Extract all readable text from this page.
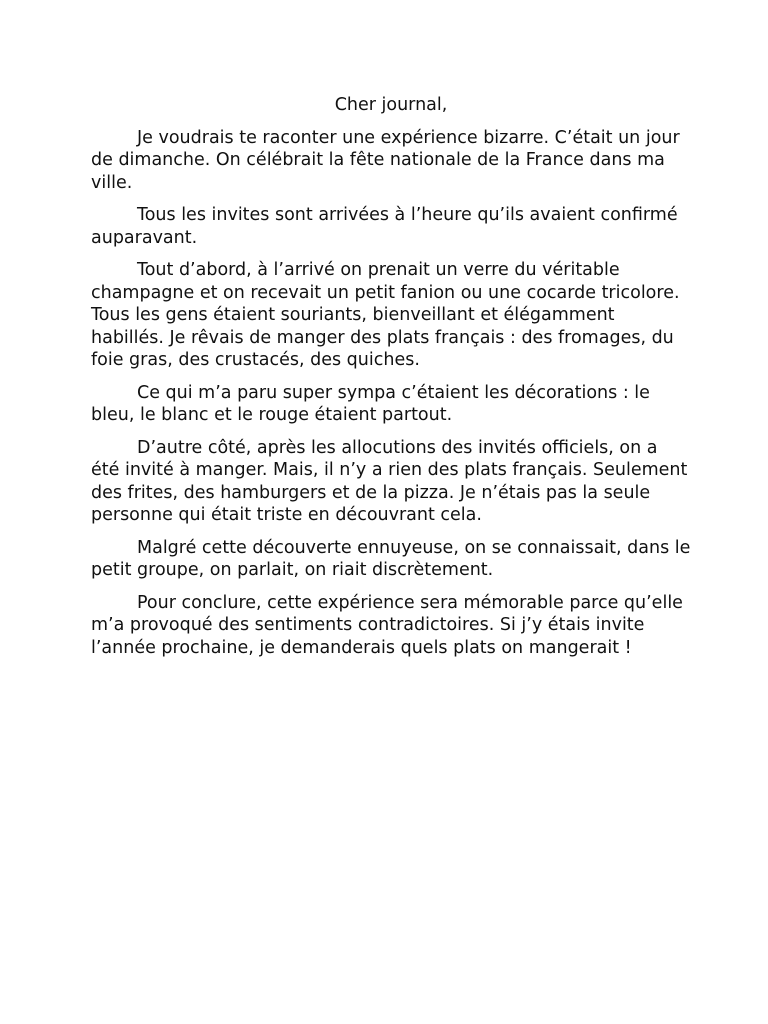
Cher journal,

Je voudrais te raconter une expérience bizarre. C’était un jour de dimanche. On célébrait la fête nationale de la France dans ma ville.

Tous les invites sont arrivées à l’heure qu’ils avaient confirmé auparavant.

Tout d’abord, à l’arrivé on prenait un verre du véritable champagne et on recevait un petit fanion ou une cocarde tricolore. Tous les gens étaient souriants, bienveillant et élégamment habillés. Je rêvais de manger des plats français : des fromages, du foie gras, des crustacés, des quiches.

Ce qui m’a paru super sympa c’étaient les décorations : le bleu, le blanc et le rouge étaient partout.

D’autre côté, après les allocutions des invités officiels, on a été invité à manger. Mais, il n’y a rien des plats français. Seulement des frites, des hamburgers et de la pizza. Je n’étais pas la seule personne qui était triste en découvrant cela.

Malgré cette découverte ennuyeuse, on se connaissait, dans le petit groupe, on parlait, on riait discrètement.

Pour conclure, cette expérience sera mémorable parce qu’elle m’a provoqué des sentiments contradictoires. Si j’y étais invite l’année prochaine, je demanderais quels plats on mangerait !
